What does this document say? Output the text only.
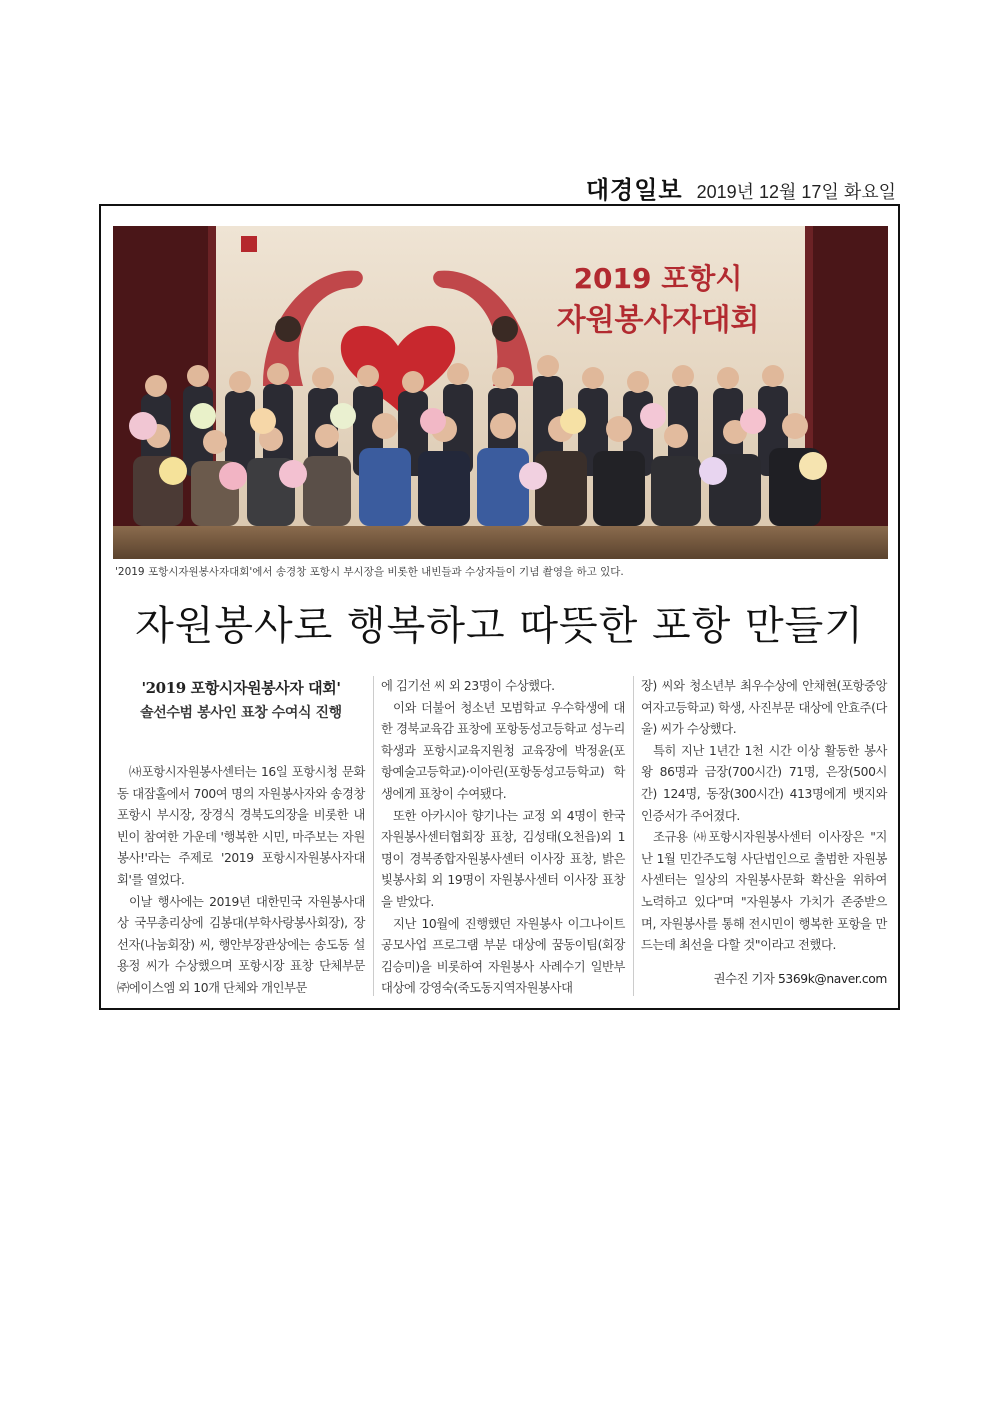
대경일보 2019년 12월 17일 화요일
2019 포항시
자원봉사자대회
'2019 포항시자원봉사자대회'에서 송경창 포항시 부시장을 비롯한 내빈들과 수상자들이 기념 촬영을 하고 있다.
자원봉사로 행복하고 따뜻한 포항 만들기
'2019 포항시자원봉사자 대회'
솔선수범 봉사인 표창 수여식 진행

㈔포항시자원봉사센터는 16일 포항시청 문화동 대잠홀에서 700여 명의 자원봉사자와 송경창 포항시 부시장, 장경식 경북도의장을 비롯한 내빈이 참여한 가운데 '행복한 시민, 마주보는 자원봉사!'라는 주제로 '2019 포항시자원봉사자대회'를 열었다.

이날 행사에는 2019년 대한민국 자원봉사대상 국무총리상에 김봉대(부학사랑봉사회장), 장선자(나눔회장) 씨, 행안부장관상에는 송도동 설용정 씨가 수상했으며 포항시장 표창 단체부문 ㈜에이스엠 외 10개 단체와 개인부문

에 김기선 씨 외 23명이 수상했다.

이와 더불어 청소년 모범학교 우수학생에 대한 경북교육감 표창에 포항동성고등학교 성누리 학생과 포항시교육지원청 교육장에 박정윤(포항예술고등학교)·이아린(포항동성고등학교) 학생에게 표창이 수여됐다.

또한 아카시아 향기나는 교정 외 4명이 한국자원봉사센터협회장 표창, 김성태(오천읍)외 1명이 경북종합자원봉사센터 이사장 표창, 밝은빛봉사회 외 19명이 자원봉사센터 이사장 표창을 받았다.

지난 10월에 진행했던 자원봉사 이그나이트 공모사업 프로그램 부분 대상에 꿈동이팀(회장 김승미)을 비롯하여 자원봉사 사례수기 일반부 대상에 강영숙(죽도동지역자원봉사대

장) 씨와 청소년부 최우수상에 안채현(포항중앙여자고등학교) 학생, 사진부문 대상에 안효주(다울) 씨가 수상했다.

특히 지난 1년간 1천 시간 이상 활동한 봉사왕 86명과 금장(700시간) 71명, 은장(500시간) 124명, 동장(300시간) 413명에게 뱃지와 인증서가 주어졌다.

조규용 ㈔포항시자원봉사센터 이사장은 "지난 1월 민간주도형 사단법인으로 출범한 자원봉사센터는 일상의 자원봉사문화 확산을 위하여 노력하고 있다"며 "자원봉사 가치가 존중받으며, 자원봉사를 통해 전시민이 행복한 포항을 만드는데 최선을 다할 것"이라고 전했다.

권수진 기자 5369k@naver.com
